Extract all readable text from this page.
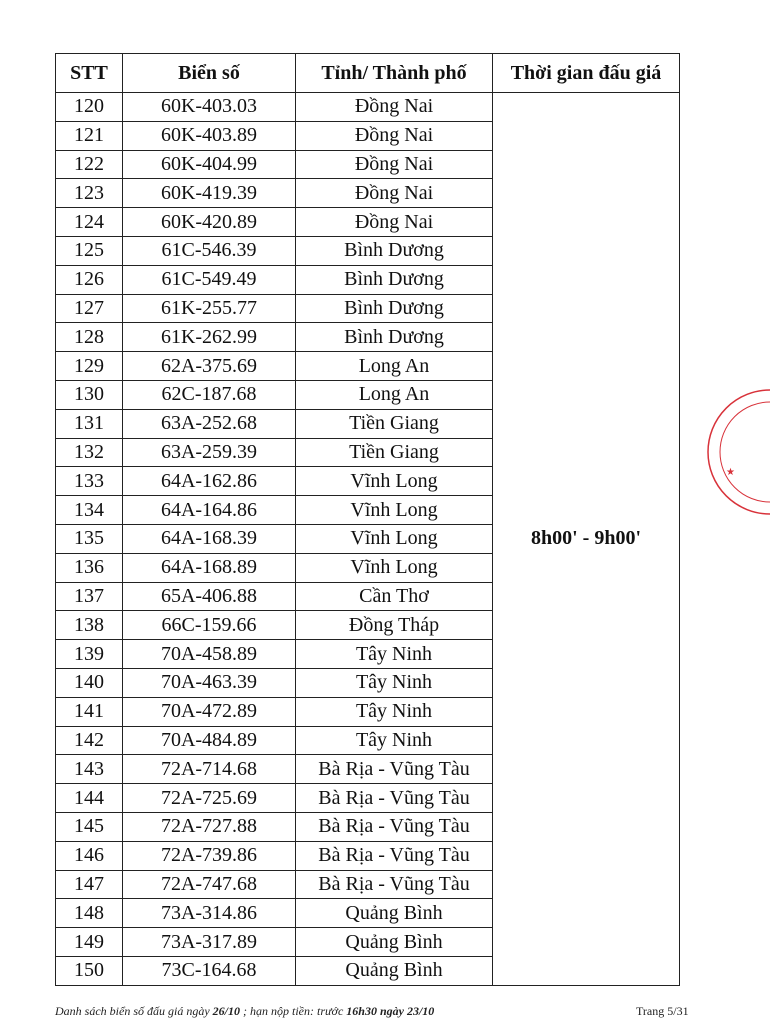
STT	Biển số	Tỉnh/ Thành phố	Thời gian đấu giá
120	60K-403.03	Đồng Nai	8h00' - 9h00'
121	60K-403.89	Đồng Nai	
122	60K-404.99	Đồng Nai	
123	60K-419.39	Đồng Nai	
124	60K-420.89	Đồng Nai	
125	61C-546.39	Bình Dương	
126	61C-549.49	Bình Dương	
127	61K-255.77	Bình Dương	
128	61K-262.99	Bình Dương	
129	62A-375.69	Long An	
130	62C-187.68	Long An	
131	63A-252.68	Tiền Giang	
132	63A-259.39	Tiền Giang	
133	64A-162.86	Vĩnh Long	
134	64A-164.86	Vĩnh Long	
135	64A-168.39	Vĩnh Long	
136	64A-168.89	Vĩnh Long	
137	65A-406.88	Cần Thơ	
138	66C-159.66	Đồng Tháp	
139	70A-458.89	Tây Ninh	
140	70A-463.39	Tây Ninh	
141	70A-472.89	Tây Ninh	
142	70A-484.89	Tây Ninh	
143	72A-714.68	Bà Rịa - Vũng Tàu	
144	72A-725.69	Bà Rịa - Vũng Tàu	
145	72A-727.88	Bà Rịa - Vũng Tàu	
146	72A-739.86	Bà Rịa - Vũng Tàu	
147	72A-747.68	Bà Rịa - Vũng Tàu	
148	73A-314.86	Quảng Bình	
149	73A-317.89	Quảng Bình	
150	73C-164.68	Quảng Bình	
Danh sách biển số đấu giá ngày 26/10 ; hạn nộp tiền: trước 16h30 ngày 23/10	Trang 5/31
★
